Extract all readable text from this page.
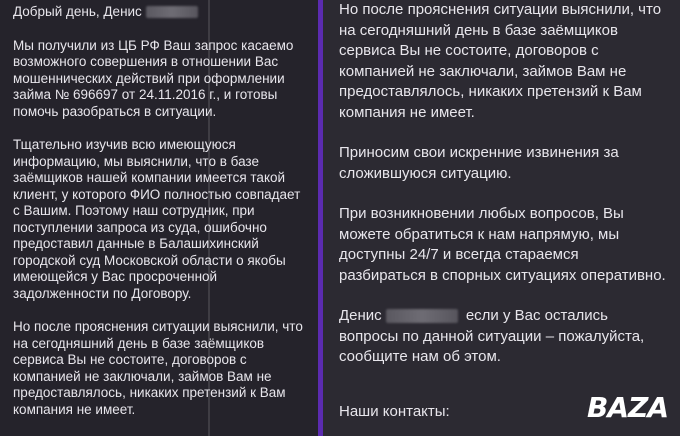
Добрый день, Денис
Мы получили из ЦБ РФ Ваш запрос касаемо возможного совершения в отношении Вас мошеннических действий при оформлении займа № 696697 от 24.11.2016 г., и готовы помочь разобраться в ситуации.
Тщательно изучив всю имеющуюся информацию, мы выяснили, что в базе заёмщиков нашей компании имеется такой клиент, у которого ФИО полностью совпадает с Вашим. Поэтому наш сотрудник, при поступлении запроса из суда, ошибочно предоставил данные в Балашихинский городской суд Московской области о якобы имеющейся у Вас просроченной задолженности по Договору.
Но после прояснения ситуации выяснили, что на сегодняшний день в базе заёмщиков сервиса Вы не состоите, договоров с компанией не заключали, займов Вам не предоставлялось, никаких претензий к Вам компания не имеет.
Но после прояснения ситуации выяснили, что на сегодняшний день в базе заёмщиков сервиса Вы не состоите, договоров с компанией не заключали, займов Вам не предоставлялось, никаких претензий к Вам компания не имеет.
Приносим свои искренние извинения за сложившуюся ситуацию.
При возникновении любых вопросов, Вы можете обратиться к нам напрямую, мы доступны 24/7 и всегда стараемся разбираться в спорных ситуациях оперативно.
Денис	если у Вас остались вопросы по данной ситуации – пожалуйста, сообщите нам об этом.
Наши контакты:	BAZA
